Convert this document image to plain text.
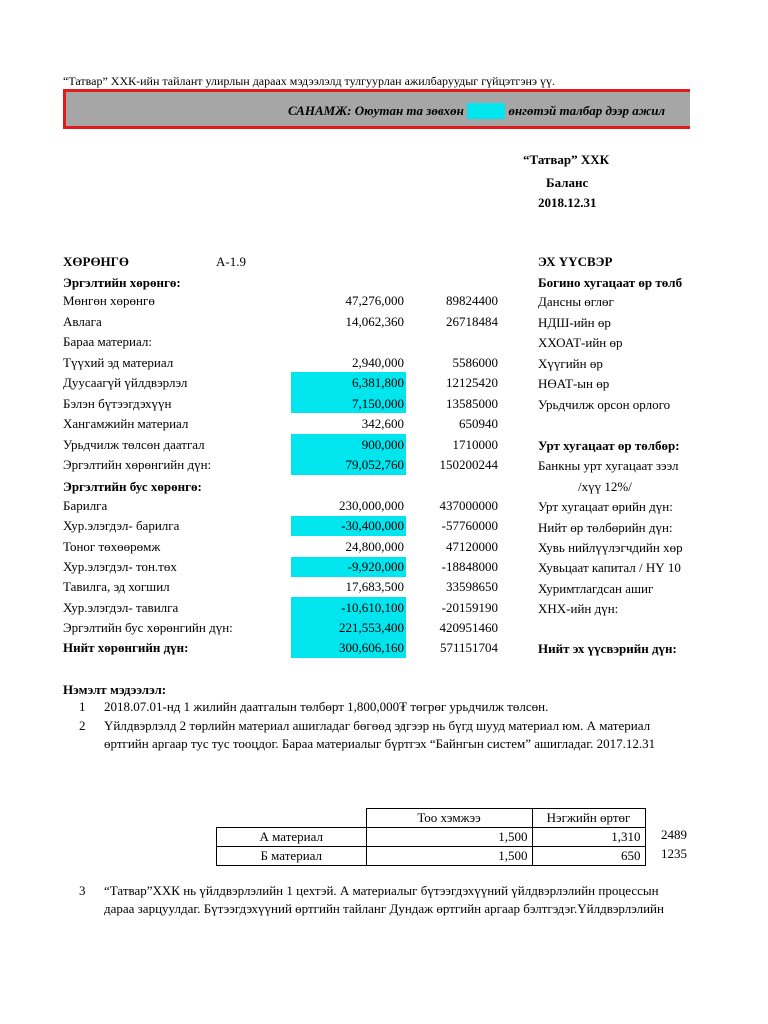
“Татвар” ХХК-ийн тайлант улирлын дараах мэдээлэлд тулгуурлан ажилбаруудыг гүйцэтгэнэ үү.
САНАМЖ: Оюутан та зөвхөн цэнхэр өнгөтэй талбар дээр ажил
“Татвар” ХХК
Баланс
2018.12.31
ХӨРӨНГӨ	А-1.9
Эргэлтийн хөрөнгө:
Мөнгөн хөрөнгө	47,276,000	89824400
Авлага	14,062,360	26718484
Бараа материал:
Түүхий эд материал	2,940,000	5586000
Дуусаагүй үйлдвэрлэл	6,381,800	12125420
Бэлэн бүтээгдэхүүн	7,150,000	13585000
Хангамжийн материал	342,600	650940
Урьдчилж төлсөн даатгал	900,000	1710000
Эргэлтийн хөрөнгийн дүн:	79,052,760	150200244
Эргэлтийн бус хөрөнгө:
Барилга	230,000,000	437000000
Хур.элэгдэл- барилга	-30,400,000	-57760000
Тоног төхөөрөмж	24,800,000	47120000
Хур.элэгдэл- тон.төх	-9,920,000	-18848000
Тавилга, эд хогшил	17,683,500	33598650
Хур.элэгдэл- тавилга	-10,610,100	-20159190
Эргэлтийн бус хөрөнгийн дүн:	221,553,400	420951460
Нийт хөрөнгийн дүн:	300,606,160	571151704
ЭХ ҮҮСВЭР
Богино хугацаат өр төлб
Дансны өглөг
НДШ-ийн өр
ХХОАТ-ийн өр
Хүүгийн өр
НӨАТ-ын өр
Урьдчилж орсон орлого
Урт хугацаат өр төлбөр:
Банкны урт хугацаат зээл
/хүү 12%/
Урт хугацаат өрийн дүн:
Нийт өр төлбөрийн дүн:
Хувь нийлүүлэгчдийн хөр
Хувьцаат капитал / НҮ 10
Хуримтлагдсан ашиг
ХНХ-ийн дүн:
Нийт эх үүсвэрийн дүн:
Нэмэлт мэдээлэл:
1 2018.07.01-нд 1 жилийн даатгалын төлбөрт 1,800,000₮ төгрөг урьдчилж төлсөн.
2 Үйлдвэрлэлд 2 төрлийн материал ашигладаг бөгөөд эдгээр нь бүгд шууд материал юм. А материал
өртгийн аргаар тус тус тооцдог. Бараа материалыг бүртгэх “Байнгын систем” ашигладаг. 2017.12.31
	Тоо хэмжээ	Нэгжийн өртөг
А материал	1,500	1,310
Б материал	1,500	650
2489
1235
3 “Татвар”ХХК нь үйлдвэрлэлийн 1 цехтэй. А материалыг бүтээгдэхүүний үйлдвэрлэлийн процессын
дараа зарцуулдаг. Бүтээгдэхүүний өртгийн тайланг Дундаж өртгийн аргаар бэлтгэдэг.Үйлдвэрлэлийн
